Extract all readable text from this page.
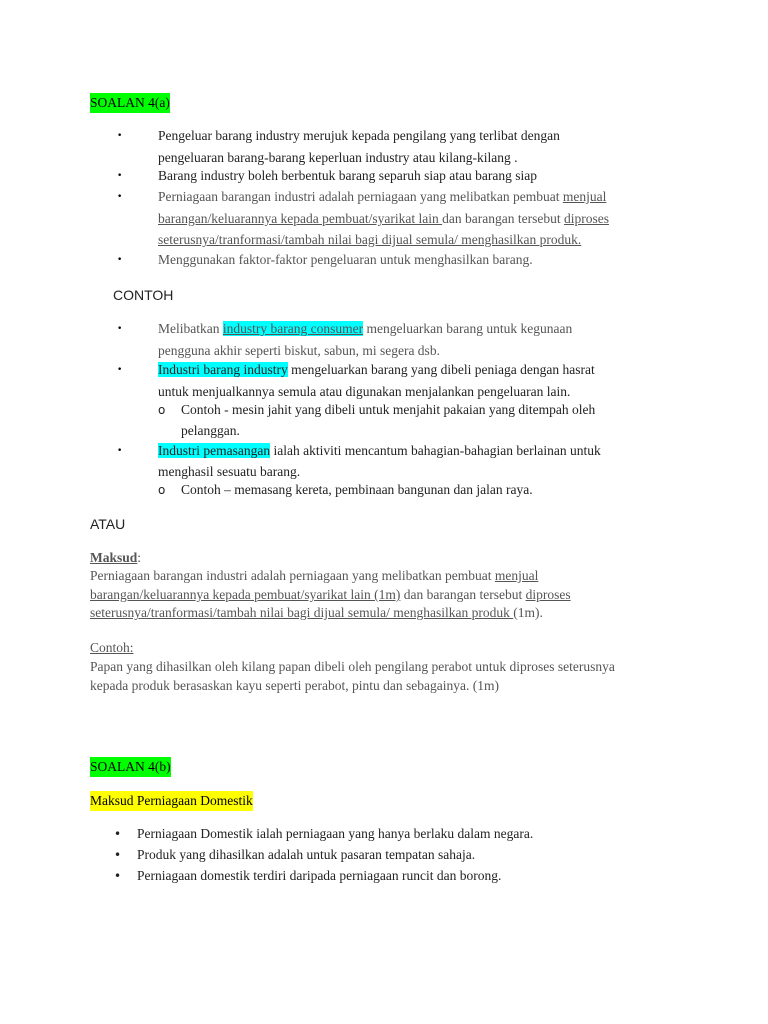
SOALAN 4(a)
•	Pengeluar barang industry merujuk kepada pengilang yang terlibat dengan
pengeluaran barang-barang keperluan industry atau kilang-kilang .
•	Barang industry boleh berbentuk barang separuh siap atau barang siap
•	Perniagaan barangan industri adalah perniagaan yang melibatkan pembuat menjual
barangan/keluarannya kepada pembuat/syarikat lain dan barangan tersebut diproses
seterusnya/tranformasi/tambah nilai bagi dijual semula/ menghasilkan produk.
•	Menggunakan faktor-faktor pengeluaran untuk menghasilkan barang.
CONTOH
•	Melibatkan industry barang consumer mengeluarkan barang untuk kegunaan
pengguna akhir seperti biskut, sabun, mi segera dsb.
•	Industri barang industry mengeluarkan barang yang dibeli peniaga dengan hasrat
untuk menjualkannya semula atau digunakan menjalankan pengeluaran lain.
o Contoh - mesin jahit yang dibeli untuk menjahit pakaian yang ditempah oleh
pelanggan.
•	Industri pemasangan ialah aktiviti mencantum bahagian-bahagian berlainan untuk
menghasil sesuatu barang.
o Contoh – memasang kereta, pembinaan bangunan dan jalan raya.
ATAU
Maksud:
Perniagaan barangan industri adalah perniagaan yang melibatkan pembuat menjual
barangan/keluarannya kepada pembuat/syarikat lain (1m) dan barangan tersebut diproses
seterusnya/tranformasi/tambah nilai bagi dijual semula/ menghasilkan produk (1m).
Contoh:
Papan yang dihasilkan oleh kilang papan dibeli oleh pengilang perabot untuk diproses seterusnya
kepada produk berasaskan kayu seperti perabot, pintu dan sebagainya. (1m)
SOALAN 4(b)
Maksud Perniagaan Domestik
• Perniagaan Domestik ialah perniagaan yang hanya berlaku dalam negara.
• Produk yang dihasilkan adalah untuk pasaran tempatan sahaja.
• Perniagaan domestik terdiri daripada perniagaan runcit dan borong.
